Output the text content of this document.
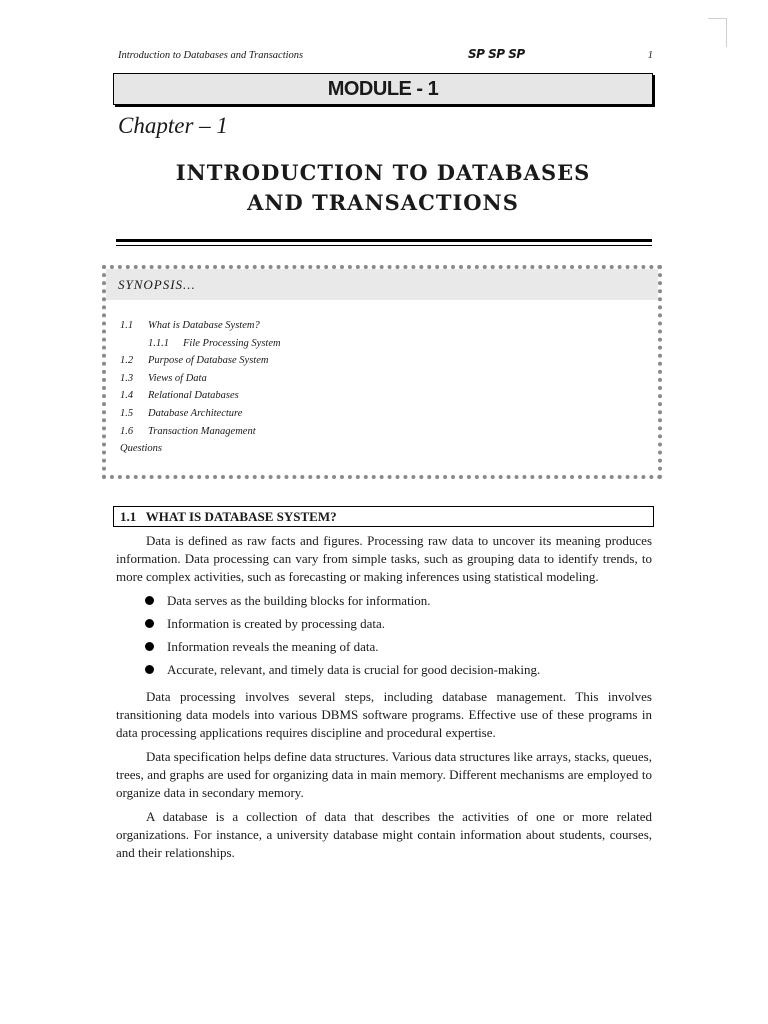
Introduction to Databases and Transactions	SP SP SP	1
MODULE - 1
Chapter – 1
INTRODUCTION TO DATABASES
AND TRANSACTIONS
SYNOPSIS...
1.1 What is Database System?
1.1.1 File Processing System
1.2 Purpose of Database System
1.3 Views of Data
1.4 Relational Databases
1.5 Database Architecture
1.6 Transaction Management
Questions
1.1   WHAT IS DATABASE SYSTEM?

Data is defined as raw facts and figures. Processing raw data to uncover its meaning produces information. Data processing can vary from simple tasks, such as grouping data to identify trends, to more complex activities, such as forecasting or making inferences using statistical modeling.

Data serves as the building blocks for information.
Information is created by processing data.
Information reveals the meaning of data.
Accurate, relevant, and timely data is crucial for good decision-making.

Data processing involves several steps, including database management. This involves transitioning data models into various DBMS software programs. Effective use of these programs in data processing applications requires discipline and procedural expertise.

Data specification helps define data structures. Various data structures like arrays, stacks, queues, trees, and graphs are used for organizing data in main memory. Different mechanisms are employed to organize data in secondary memory.

A database is a collection of data that describes the activities of one or more related organizations. For instance, a university database might contain information about students, courses, and their relationships.
